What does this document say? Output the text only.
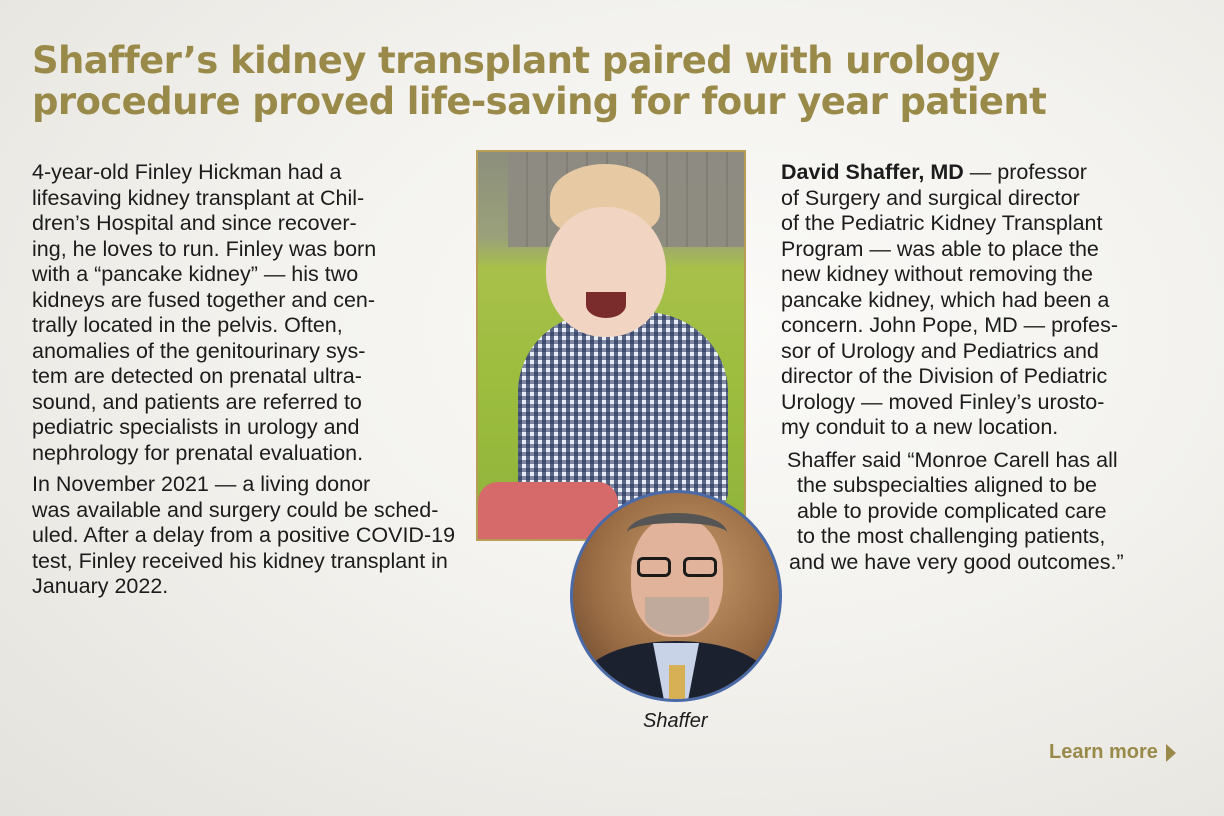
Shaffer’s kidney transplant paired with urology
procedure proved life-saving for four year patient

4-year-old Finley Hickman had a
lifesaving kidney transplant at Chil-
dren’s Hospital and since recover-
ing, he loves to run. Finley was born
with a “pancake kidney” — his two
kidneys are fused together and cen-
trally located in the pelvis. Often,
anomalies of the genitourinary sys-
tem are detected on prenatal ultra-
sound, and patients are referred to
pediatric specialists in urology and
nephrology for prenatal evaluation.

In November 2021 — a living donor
was available and surgery could be sched-
uled. After a delay from a positive COVID-19
test, Finley received his kidney transplant in
January 2022.

David Shaffer, MD — professor
of Surgery and surgical director
of the Pediatric Kidney Transplant
Program — was able to place the
new kidney without removing the
pancake kidney, which had been a
concern. John Pope, MD — profes-
sor of Urology and Pediatrics and
director of the Division of Pediatric
Urology — moved Finley’s urosto-
my conduit to a new location.

Shaffer said “Monroe Carell has all
the subspecialties aligned to be
able to provide complicated care
to the most challenging patients,
and we have very good outcomes.”

Shaffer
Learn more
